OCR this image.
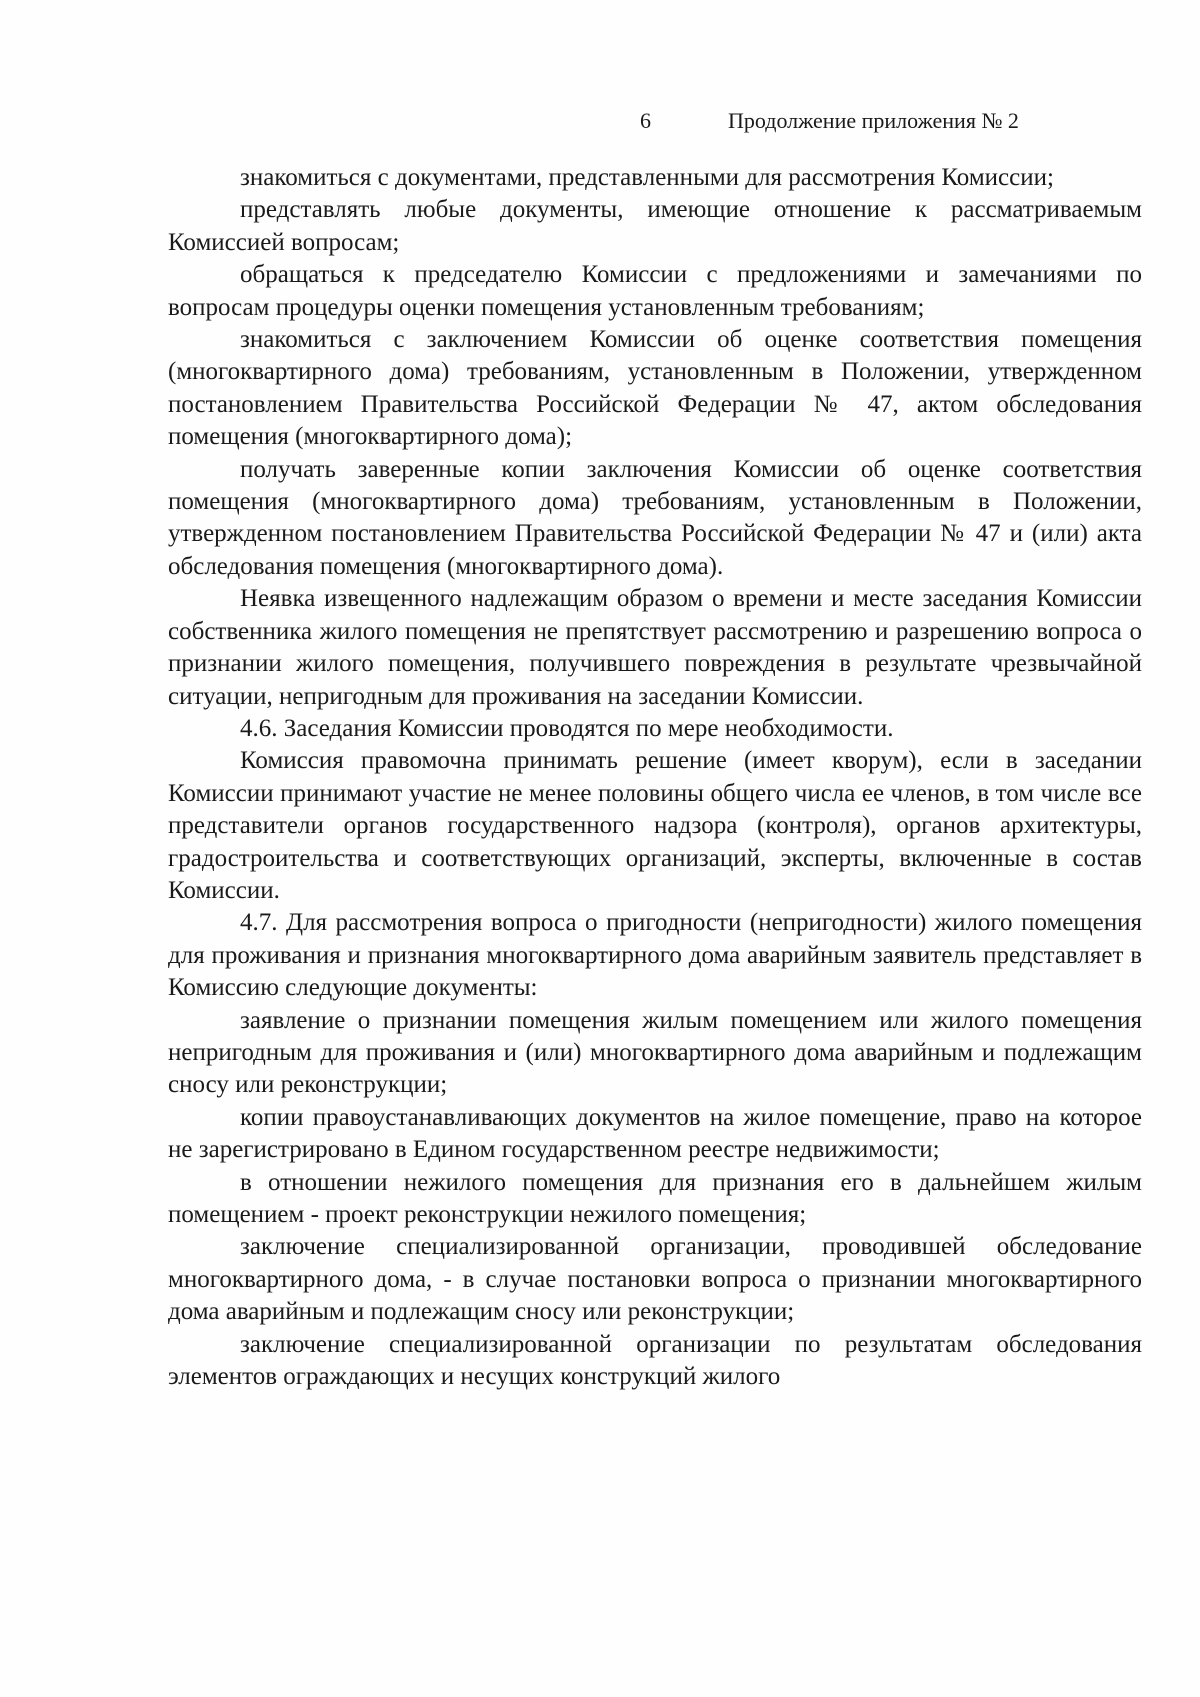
6	Продолжение приложения № 2

знакомиться с документами, представленными для рассмотрения Комиссии;

представлять любые документы, имеющие отношение к рассматриваемым Комиссией вопросам;

обращаться к председателю Комиссии с предложениями и замечаниями по вопросам процедуры оценки помещения установленным требованиям;

знакомиться с заключением Комиссии об оценке соответствия помещения (многоквартирного дома) требованиям, установленным в Положении, утвержденном постановлением Правительства Российской Федерации № 47, актом обследования помещения (многоквартирного дома);

получать заверенные копии заключения Комиссии об оценке соответствия помещения (многоквартирного дома) требованиям, установленным в Положении, утвержденном постановлением Правительства Российской Федерации № 47 и (или) акта обследования помещения (многоквартирного дома).

Неявка извещенного надлежащим образом о времени и месте заседания Комиссии собственника жилого помещения не препятствует рассмотрению и разрешению вопроса о признании жилого помещения, получившего повреждения в результате чрезвычайной ситуации, непригодным для проживания на заседании Комиссии.

4.6. Заседания Комиссии проводятся по мере необходимости.

Комиссия правомочна принимать решение (имеет кворум), если в заседании Комиссии принимают участие не менее половины общего числа ее членов, в том числе все представители органов государственного надзора (контроля), органов архитектуры, градостроительства и соответствующих организаций, эксперты, включенные в состав Комиссии.

4.7. Для рассмотрения вопроса о пригодности (непригодности) жилого помещения для проживания и признания многоквартирного дома аварийным заявитель представляет в Комиссию следующие документы:

заявление о признании помещения жилым помещением или жилого помещения непригодным для проживания и (или) многоквартирного дома аварийным и подлежащим сносу или реконструкции;

копии правоустанавливающих документов на жилое помещение, право на которое не зарегистрировано в Едином государственном реестре недвижимости;

в отношении нежилого помещения для признания его в дальнейшем жилым помещением - проект реконструкции нежилого помещения;

заключение специализированной организации, проводившей обследование многоквартирного дома, - в случае постановки вопроса о признании многоквартирного дома аварийным и подлежащим сносу или реконструкции;

заключение специализированной организации по результатам обследования элементов ограждающих и несущих конструкций жилого
